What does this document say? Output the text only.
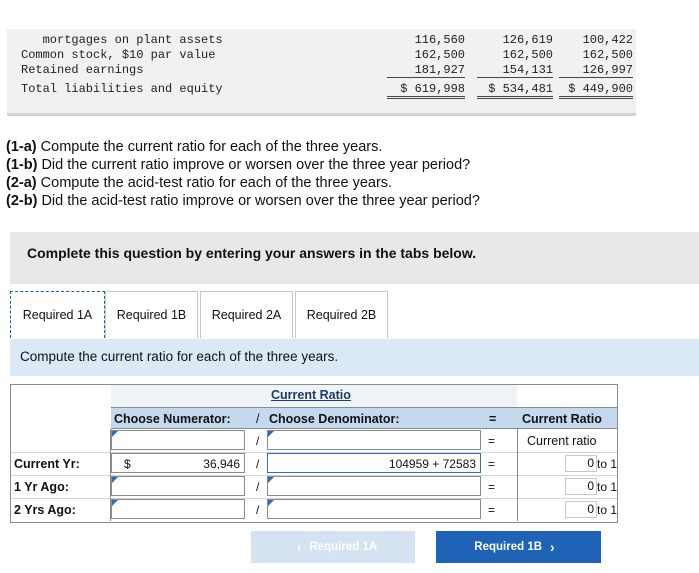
mortgages on plant assets	116,560	126,619	100,422
Common stock, $10 par value	162,500	162,500	162,500
Retained earnings	181,927	154,131	126,997
Total liabilities and equity	$ 619,998	$ 534,481	$ 449,900
(1-a) Compute the current ratio for each of the three years.
(1-b) Did the current ratio improve or worsen over the three year period?
(2-a) Compute the acid-test ratio for each of the three years.
(2-b) Did the acid-test ratio improve or worsen over the three year period?
Complete this question by entering your answers in the tabs below.
Required 1A	Required 1B	Required 2A	Required 2B
Compute the current ratio for each of the three years.
Current Ratio
Choose Numerator: / Choose Denominator:	= Current Ratio
/	=	Current ratio
Current Yr:	$	36,946 /	104959 + 72583 =	0 to 1
1 Yr Ago:	/	=	0 to 1
2 Yrs Ago:	/	=	0 to 1
‹ Required 1A	Required 1B ›
